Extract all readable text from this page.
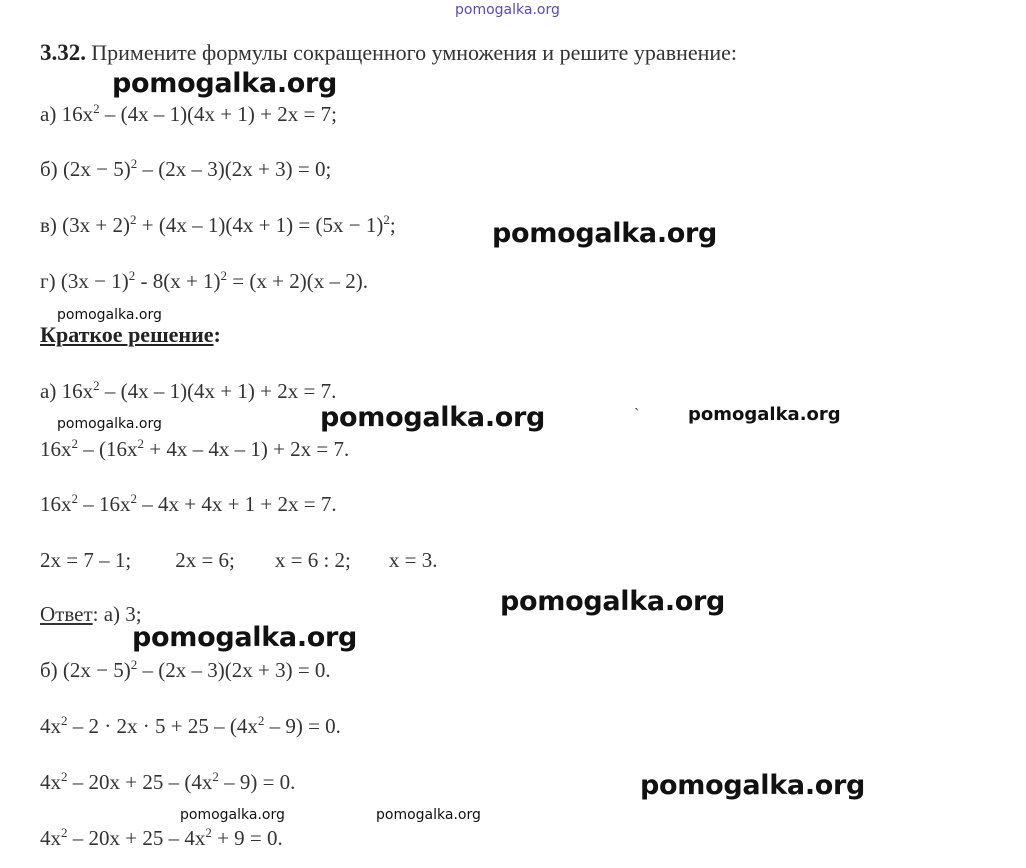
pomogalka.org
pomogalka.org
pomogalka.org
pomogalka.org
pomogalka.org	pomogalka.org	pomogalka.org
pomogalka.org
pomogalka.org
pomogalka.org
pomogalka.org	pomogalka.org
ˋ
3.32. Примените формулы сокращенного умножения и решите уравнение:
а) $16x^2 - (4x - 1)(4x + 1) + 2x = 7$;
б) $(2x - 5)^2 - (2x - 3)(2x + 3) = 0$;
в) $(3x + 2)^2 + (4x - 1)(4x + 1) = (5x - 1)^2$;
г) $(3x - 1)^2 - 8(x + 1)^2 = (x + 2)(x - 2)$.
Краткое решение:
а) $16x^2 - (4x - 1)(4x + 1) + 2x = 7$.
$16x^2 - (16x^2 + 4x - 4x - 1) + 2x = 7$.
$16x^2 - 16x^2 - 4x + 4x + 1 + 2x = 7$.
2x = 7 – 1; 2x = 6; x = 6 : 2; x = 3.
Ответ: а) 3;
б) $(2x - 5)^2 - (2x - 3)(2x + 3) = 0$.
$4x^2 - 2 \cdot 2x \cdot 5 + 25 - (4x^2 - 9) = 0$.
$4x^2 - 20x + 25 - (4x^2 - 9) = 0$.
$4x^2 - 20x + 25 - 4x^2 + 9 = 0$.
